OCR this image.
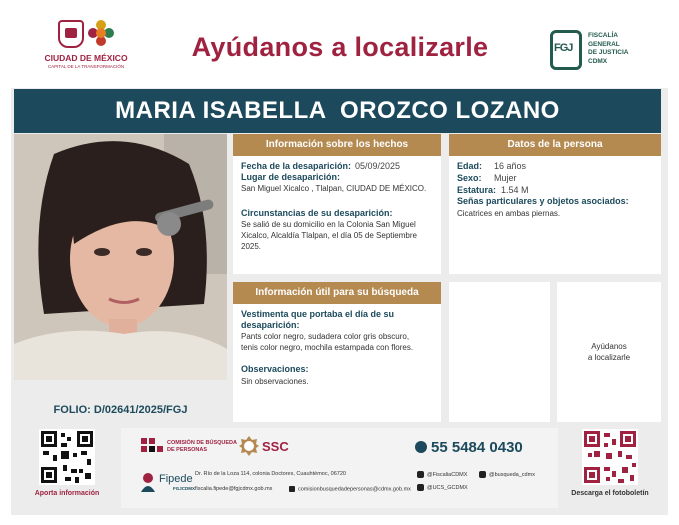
CIUDAD DE MÉXICO
CAPITAL DE LA TRANSFORMACIÓN
Ayúdanos a localizarle
FGJ	FISCALÍA
GENERAL
DE JUSTICIA
CDMX
MARIA ISABELLA  OROZCO LOZANO
FOLIO: D/02641/2025/FGJ
Información sobre los hechos
Fecha de la desaparición: 05/09/2025
Lugar de desaparición:
San Miguel Xicalco , Tlalpan, CIUDAD DE MÉXICO.
Circunstancias de su desaparición:
Se salió de su domicilio en la Colonia San Miguel
Xicalco, Alcaldía Tlalpan, el día 05 de Septiembre
2025.
Datos de la persona
Edad: 16 años
Sexo: Mujer
Estatura: 1.54 M
Señas particulares y objetos asociados:
Cicatrices en ambas piernas.
Información útil para su búsqueda
Vestimenta que portaba el día de su
desaparición:
Pants color negro, sudadera color gris obscuro,
tenis color negro, mochila estampada con flores.
Observaciones:
Sin observaciones.
Ayúdanos
a localizarle
Aporta información
COMISIÓN DE BÚSQUEDA
DE PERSONAS	SSC	55 5484 0430
Fipede
FGJCDMX
Dr. Río de la Loza 114, colonia Doctores, Cuauhtémoc, 06720
fiscalia.fipede@fgjcdmx.gob.mx	comisionbusquedadepersonas@cdmx.gob.mx
@FiscaliaCDMX	@busqueda_cdmx
@UCS_GCDMX
Descarga el fotoboletín
